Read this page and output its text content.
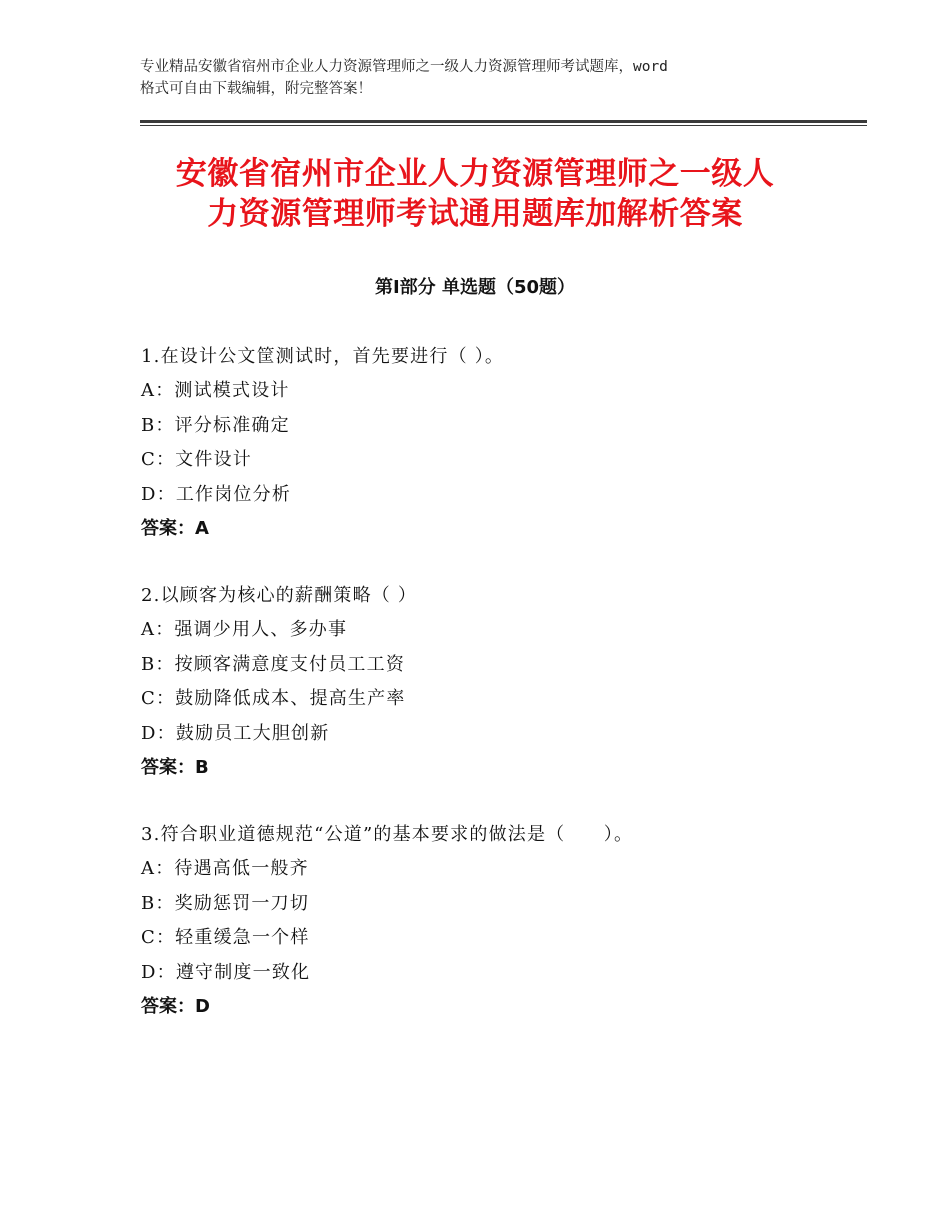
专业精品安徽省宿州市企业人力资源管理师之一级人力资源管理师考试题库，word
格式可自由下载编辑，附完整答案！
安徽省宿州市企业人力资源管理师之一级人
力资源管理师考试通用题库加解析答案
第Ⅰ部分 单选题（50题）
1.在设计公文筐测试时，首先要进行（ ）。
A：测试模式设计
B：评分标准确定
C：文件设计
D：工作岗位分析
答案：A
2.以顾客为核心的薪酬策略（ ）
A：强调少用人、多办事
B：按顾客满意度支付员工工资
C：鼓励降低成本、提高生产率
D：鼓励员工大胆创新
答案：B
3.符合职业道德规范“公道”的基本要求的做法是（　　）。
A：待遇高低一般齐
B：奖励惩罚一刀切
C：轻重缓急一个样
D：遵守制度一致化
答案：D
